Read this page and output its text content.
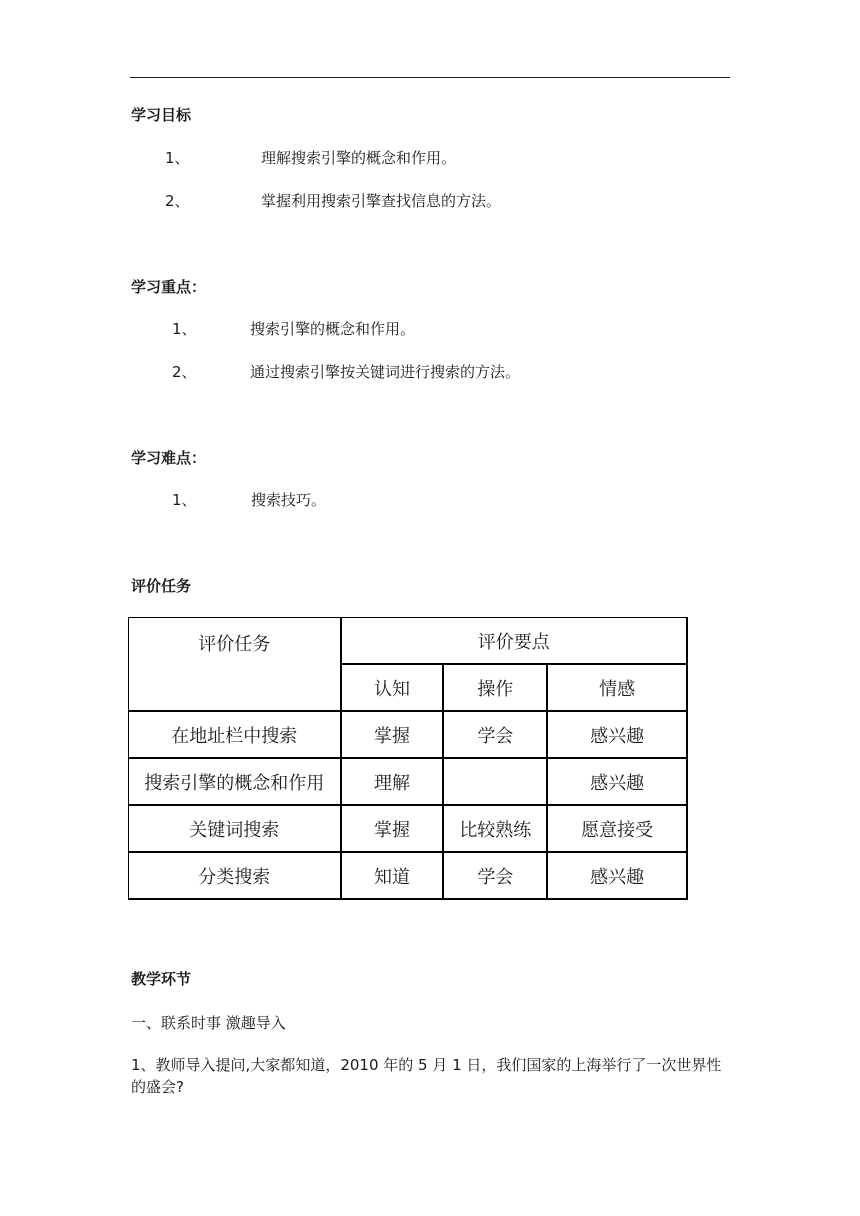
学习目标
1、	理解搜索引擎的概念和作用。
2、	掌握利用搜索引擎查找信息的方法。
学习重点：
1、	搜索引擎的概念和作用。
2、	通过搜索引擎按关键词进行搜索的方法。
学习难点：
1、	搜索技巧。
评价任务
评价任务	评价要点		
	认知	操作	情感
在地址栏中搜索	掌握	学会	感兴趣
搜索引擎的概念和作用	理解		感兴趣
关键词搜索	掌握	比较熟练	愿意接受
分类搜索	知道	学会	感兴趣
教学环节
一、联系时事 激趣导入
1、教师导入提问,大家都知道，2010 年的 5 月 1 日，我们国家的上海举行了一次世界性的盛会?
